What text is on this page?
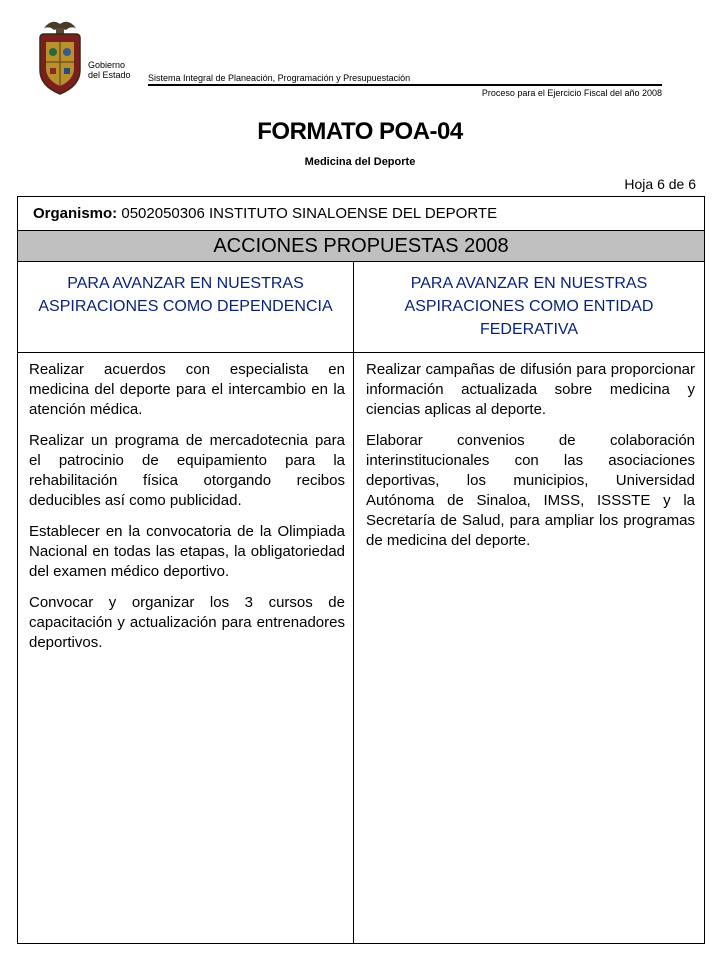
Gobierno
del Estado Sistema Integral de Planeación, Programación y Presupuestación
Proceso para el Ejercicio Fiscal del año 2008
FORMATO POA-04
Medicina del Deporte
Hoja 6 de 6
Organismo: 0502050306 INSTITUTO SINALOENSE DEL DEPORTE
ACCIONES PROPUESTAS 2008
PARA AVANZAR EN NUESTRAS ASPIRACIONES COMO DEPENDENCIA
PARA AVANZAR EN NUESTRAS ASPIRACIONES COMO ENTIDAD FEDERATIVA

Realizar acuerdos con especialista en medicina del deporte para el intercambio en la atención médica.

Realizar un programa de mercadotecnia para el patrocinio de equipamiento para la rehabilitación física otorgando recibos deducibles así como publicidad.

Establecer en la convocatoria de la Olimpiada Nacional en todas las etapas, la obligatoriedad del examen médico deportivo.

Convocar y organizar los 3 cursos de capacitación y actualización para entrenadores deportivos.

Realizar campañas de difusión para proporcionar información actualizada sobre medicina y ciencias aplicas al deporte.

Elaborar convenios de colaboración interinstitucionales con las asociaciones deportivas, los municipios, Universidad Autónoma de Sinaloa, IMSS, ISSSTE y la Secretaría de Salud, para ampliar los programas de medicina del deporte.
